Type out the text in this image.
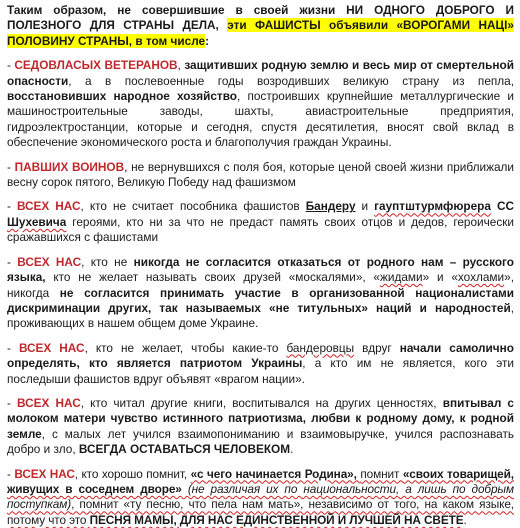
Таким образом, не совершившие в своей жизни НИ ОДНОГО ДОБРОГО И ПОЛЕЗНОГО ДЛЯ СТРАНЫ ДЕЛА, эти ФАШИСТЫ объявили «ВОРОГАМИ НАЦІ» ПОЛОВИНУ СТРАНЫ, в том числе:

- СЕДОВЛАСЫХ ВЕТЕРАНОВ, защитивших родную землю и весь мир от смертельной опасности, а в послевоенные годы возродивших великую страну из пепла, восстановивших народное хозяйство, построивших крупнейшие металлургические и машиностроительные заводы, шахты, авиастроительные предприятия, гидроэлектростанции, которые и сегодня, спустя десятилетия, вносят свой вклад в обеспечение экономического роста и благополучия граждан Украины.

- ПАВШИХ ВОИНОВ, не вернувшихся с поля боя, которые ценой своей жизни приближали весну сорок пятого, Великую Победу над фашизмом

- ВСЕХ НАС, кто не считает пособника фашистов Бандеру и гауптштурмфюрера СС Шухевича героями, кто ни за что не предаст память своих отцов и дедов, героически сражавшихся с фашистами

- ВСЕХ НАС, кто не никогда не согласится отказаться от родного нам – русского языка, кто не желает называть своих друзей «москалями», «жидами» и «хохлами», никогда не согласится принимать участие в организованной националистами дискриминации других, так называемых «не титульных» наций и народностей, проживающих в нашем общем доме Украине.

- ВСЕХ НАС, кто не желает, чтобы какие-то бандеровцы вдруг начали самолично определять, кто является патриотом Украины, а кто им не является, кого эти последыши фашистов вдруг объявят «врагом нации».

- ВСЕХ НАС, кто читал другие книги, воспитывался на других ценностях, впитывал с молоком матери чувство истинного патриотизма, любви к родному дому, к родной земле, с малых лет учился взаимопониманию и взаимовыручке, учился распознавать добро и зло, ВСЕГДА ОСТАВАТЬСЯ ЧЕЛОВЕКОМ.

- ВСЕХ НАС, кто хорошо помнит, «с чего начинается Родина», помнит «своих товарищей, живущих в соседнем дворе» (не различая их по национальности, а лишь по добрым поступкам), помнит «ту песню, что пела нам мать», независимо от того, на каком языке, потому что это ПЕСНЯ МАМЫ, ДЛЯ НАС ЕДИНСТВЕННОЙ И ЛУЧШЕЙ НА СВЕТЕ.
